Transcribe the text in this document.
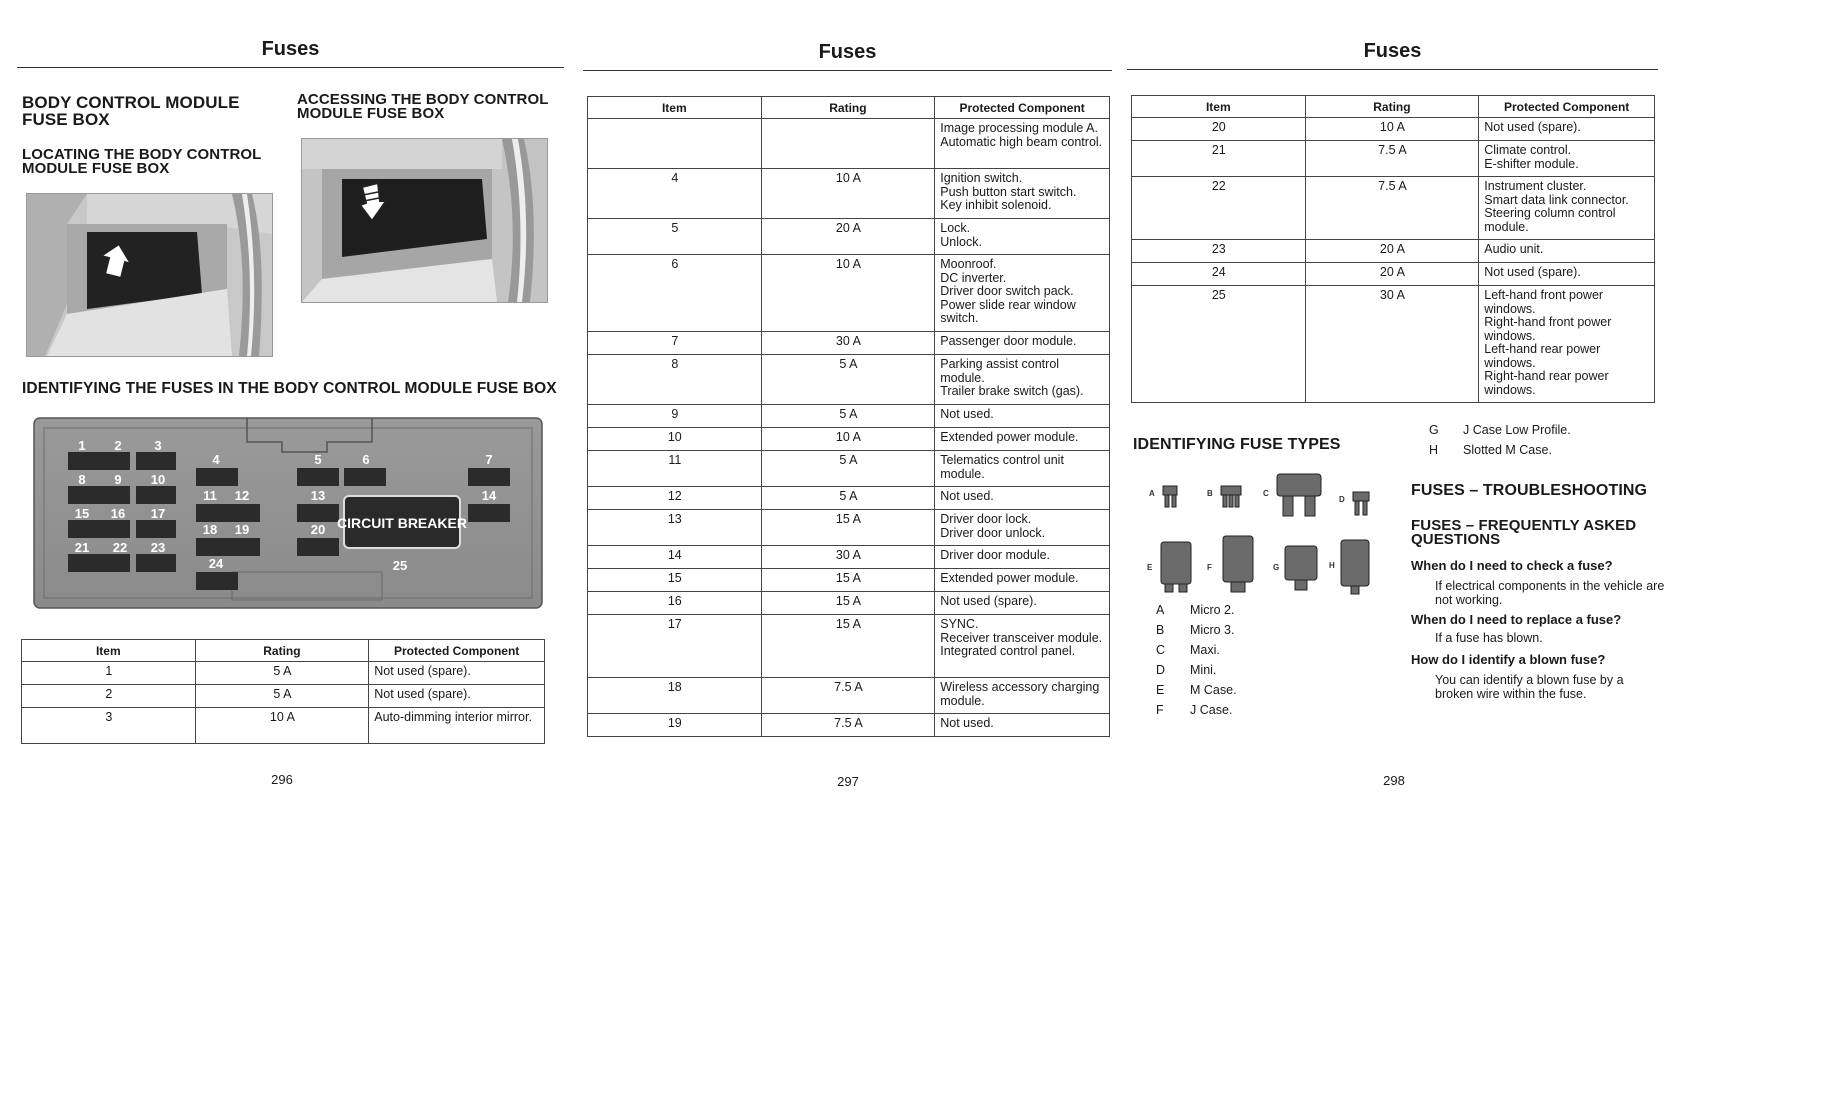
Fuses
BODY CONTROL MODULE FUSE BOX
LOCATING THE BODY CONTROL MODULE FUSE BOX
ACCESSING THE BODY CONTROL MODULE FUSE BOX
IDENTIFYING THE FUSES IN THE BODY CONTROL MODULE FUSE BOX
CIRCUIT BREAKER
1 2	3
4	5	6	7
8 9 10
11 12	13	14
15 16 17
18 19	20
21 22 23
24	25
Item	Rating	Protected Component
1	5 A	Not used (spare).
2	5 A	Not used (spare).
3	10 A	Auto-dimming interior mirror.
296
Fuses
Item	Rating	Protected Component
		Image processing module A.
Automatic high beam control.
4	10 A	Ignition switch.
Push button start switch.
Key inhibit solenoid.
5	20 A	Lock.
Unlock.
6	10 A	Moonroof.
DC inverter.
Driver door switch pack.
Power slide rear window switch.
7	30 A	Passenger door module.
8	5 A	Parking assist control module.
Trailer brake switch (gas).
9	5 A	Not used.
10	10 A	Extended power module.
11	5 A	Telematics control unit module.
12	5 A	Not used.
13	15 A	Driver door lock.
Driver door unlock.
14	30 A	Driver door module.
15	15 A	Extended power module.
16	15 A	Not used (spare).
17	15 A	SYNC.
Receiver transceiver module.
Integrated control panel.
18	7.5 A	Wireless accessory charging module.
19	7.5 A	Not used.
297
Fuses
Item	Rating	Protected Component
20	10 A	Not used (spare).
21	7.5 A	Climate control.
E-shifter module.
22	7.5 A	Instrument cluster.
Smart data link connector.
Steering column control module.
23	20 A	Audio unit.
24	20 A	Not used (spare).
25	30 A	Left-hand front power windows.
Right-hand front power windows.
Left-hand rear power windows.
Right-hand rear power windows.
IDENTIFYING FUSE TYPES
A	B	C
D
E	F	G	H
A Micro 2.
B Micro 3.
C Maxi.
D Mini.
E M Case.
F J Case.
G J Case Low Profile.
H Slotted M Case.
FUSES – TROUBLESHOOTING
FUSES – FREQUENTLY ASKED QUESTIONS
When do I need to check a fuse?
If electrical components in the vehicle are not working.
When do I need to replace a fuse?
If a fuse has blown.
How do I identify a blown fuse?
You can identify a blown fuse by a broken wire within the fuse.
298
